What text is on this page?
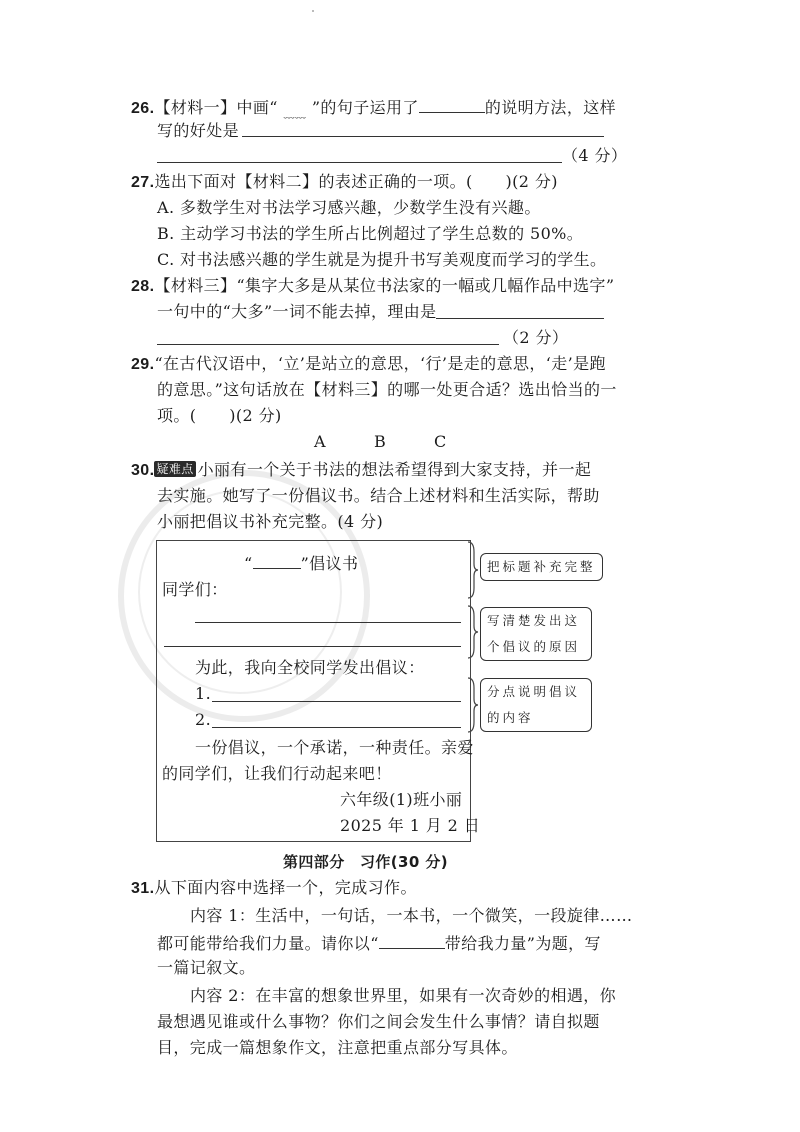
26.【材料一】中画“ ﹏﹏ ”的句子运用了	的说明方法，这样
写的好处是
（4 分）
27.选出下面对【材料二】的表述正确的一项。(　　)(2 分)
A. 多数学生对书法学习感兴趣，少数学生没有兴趣。
B. 主动学习书法的学生所占比例超过了学生总数的 50%。
C. 对书法感兴趣的学生就是为提升书写美观度而学习的学生。
28.【材料三】“集字大多是从某位书法家的一幅或几幅作品中选字”
一句中的“大多”一词不能去掉，理由是
（2 分）
29.“在古代汉语中，‘立’是站立的意思，‘行’是走的意思，‘走’是跑
的意思。”这句话放在【材料三】的哪一处更合适？选出恰当的一
项。(　　)(2 分)
A	B	C
30. 疑难点 小丽有一个关于书法的想法希望得到大家支持，并一起
去实施。她写了一份倡议书。结合上述材料和生活实际，帮助
小丽把倡议书补充完整。(4 分)
“	”倡议书
同学们：
为此，我向全校同学发出倡议：
1.
2.
一份倡议，一个承诺，一种责任。亲爱
的同学们，让我们行动起来吧！
六年级(1)班小丽
2025 年 1 月 2 日
把标题补充完整
写清楚发出这
个倡议的原因
分点说明倡议
的内容
第四部分　习作(30 分)
31.从下面内容中选择一个，完成习作。
内容 1：生活中，一句话，一本书，一个微笑，一段旋律……
都可能带给我们力量。请你以“	带给我力量”为题，写
一篇记叙文。
内容 2：在丰富的想象世界里，如果有一次奇妙的相遇，你
最想遇见谁或什么事物？你们之间会发生什么事情？请自拟题
目，完成一篇想象作文，注意把重点部分写具体。
